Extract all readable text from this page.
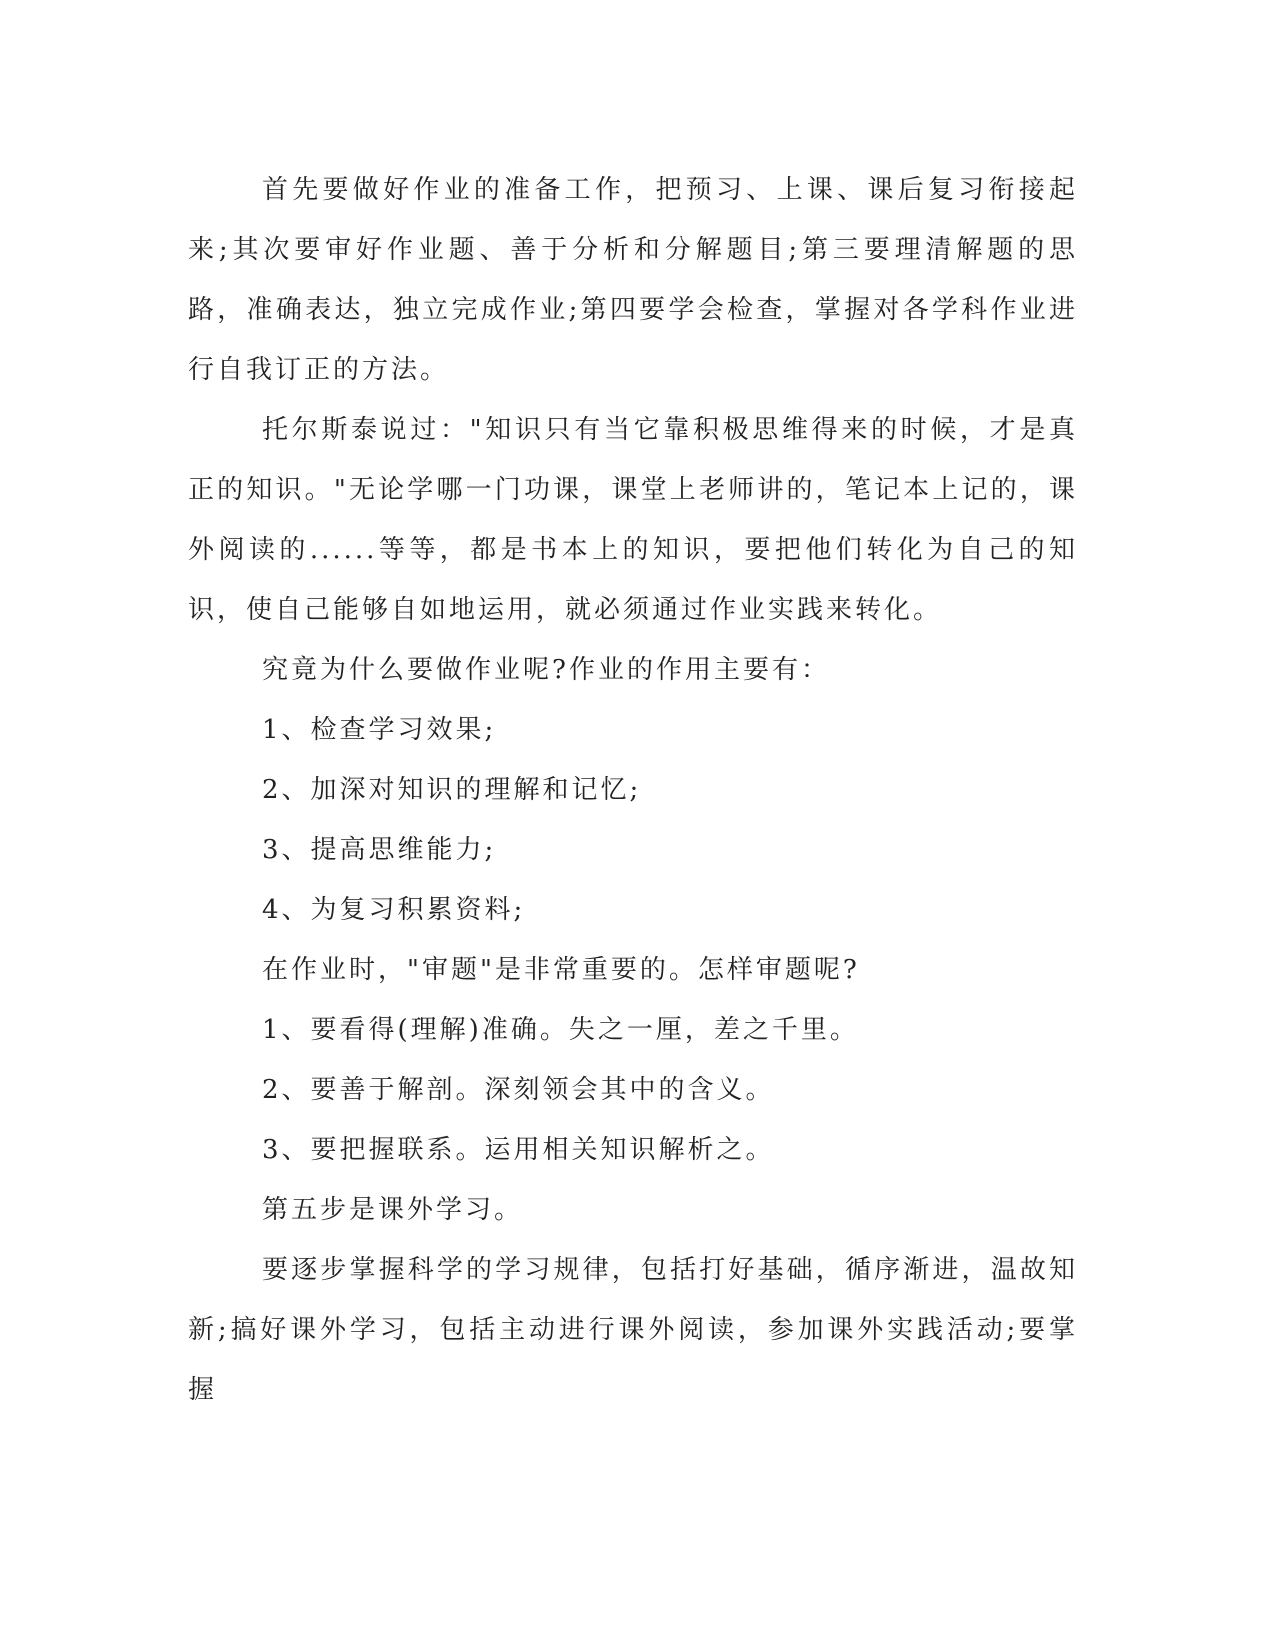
首先要做好作业的准备工作，把预习、上课、课后复习衔接起来;其次要审好作业题、善于分析和分解题目;第三要理清解题的思路，准确表达，独立完成作业;第四要学会检查，掌握对各学科作业进行自我订正的方法。

托尔斯泰说过："知识只有当它靠积极思维得来的时候，才是真正的知识。"无论学哪一门功课，课堂上老师讲的，笔记本上记的，课外阅读的......等等，都是书本上的知识，要把他们转化为自己的知识，使自己能够自如地运用，就必须通过作业实践来转化。

究竟为什么要做作业呢?作业的作用主要有：

1、检查学习效果;

2、加深对知识的理解和记忆;

3、提高思维能力;

4、为复习积累资料;

在作业时，"审题"是非常重要的。怎样审题呢?

1、要看得(理解)准确。失之一厘，差之千里。

2、要善于解剖。深刻领会其中的含义。

3、要把握联系。运用相关知识解析之。

第五步是课外学习。

要逐步掌握科学的学习规律，包括打好基础，循序渐进，温故知新;搞好课外学习，包括主动进行课外阅读，参加课外实践活动;要掌握
